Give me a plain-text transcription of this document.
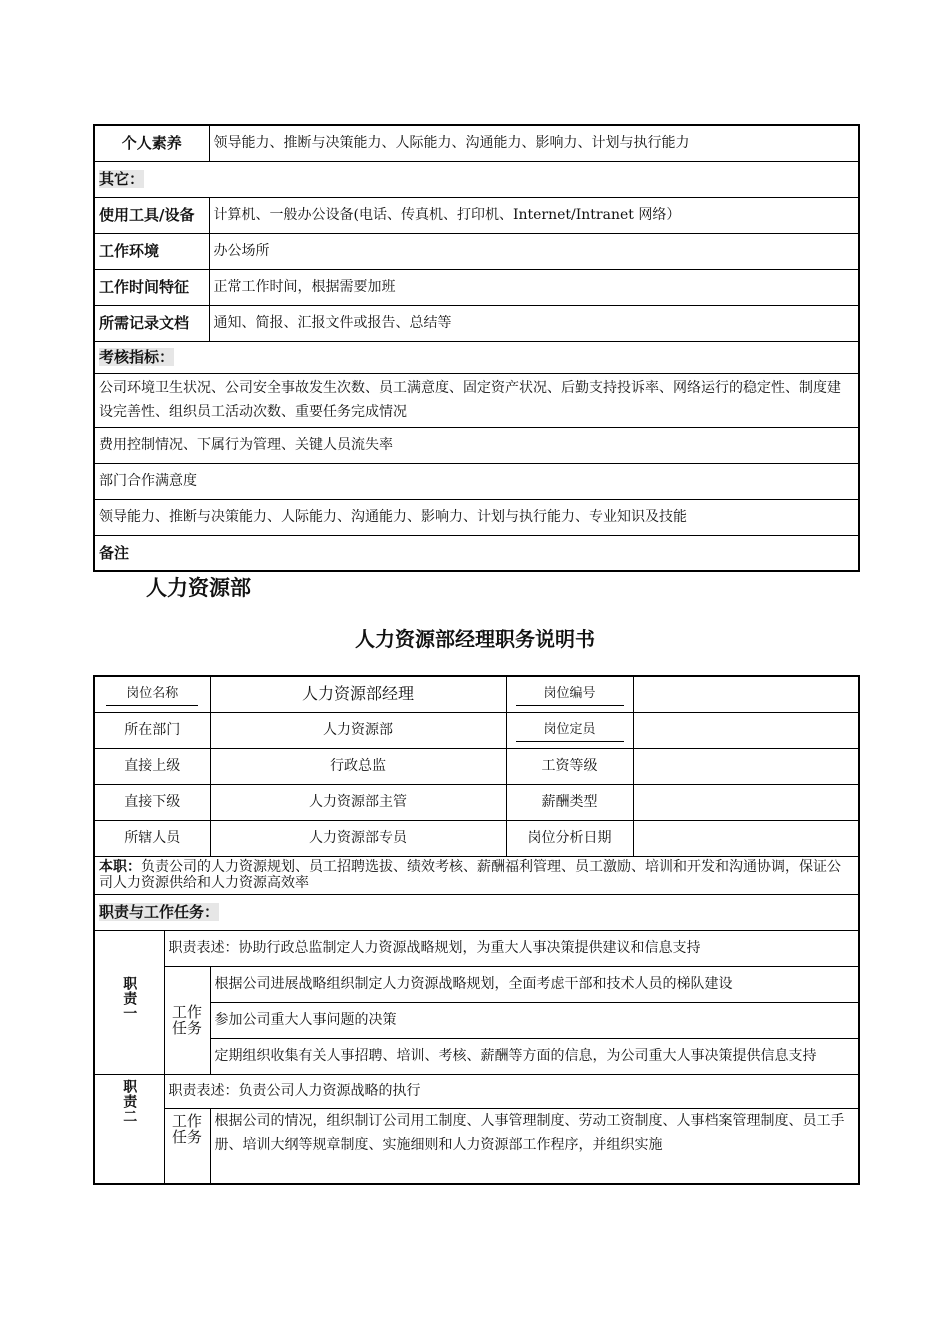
个人素养	领导能力、推断与决策能力、人际能力、沟通能力、影响力、计划与执行能力
其它：	
使用工具/设备	计算机、一般办公设备(电话、传真机、打印机、Internet/Intranet 网络）
工作环境	办公场所
工作时间特征	正常工作时间，根据需要加班
所需记录文档	通知、简报、汇报文件或报告、总结等
考核指标：	
公司环境卫生状况、公司安全事故发生次数、员工满意度、固定资产状况、后勤支持投诉率、网络运行的稳定性、制度建设完善性、组织员工活动次数、重要任务完成情况	
费用控制情况、下属行为管理、关键人员流失率	
部门合作满意度	
领导能力、推断与决策能力、人际能力、沟通能力、影响力、计划与执行能力、专业知识及技能	
备注	
人力资源部
人力资源部经理职务说明书
岗位名称		人力资源部经理	岗位编号	
所在部门		人力资源部	岗位定员	
直接上级		行政总监	工资等级	
直接下级		人力资源部主管	薪酬类型	
所辖人员		人力资源部专员	岗位分析日期	
本职：负责公司的人力资源规划、员工招聘选拔、绩效考核、薪酬福利管理、员工激励、培训和开发和沟通协调，保证公司人力资源供给和人力资源高效率				
职责与工作任务：				
职责一	职责表述：协助行政总监制定人力资源战略规划，为重大人事决策提供建议和信息支持			
	工作任务	根据公司进展战略组织制定人力资源战略规划，全面考虑干部和技术人员的梯队建设		
		参加公司重大人事问题的决策		
		定期组织收集有关人事招聘、培训、考核、薪酬等方面的信息，为公司重大人事决策提供信息支持		
职责二	职责表述：负责公司人力资源战略的执行			
	工作任务	根据公司的情况，组织制订公司用工制度、人事管理制度、劳动工资制度、人事档案管理制度、员工手册、培训大纲等规章制度、实施细则和人力资源部工作程序，并组织实施		
